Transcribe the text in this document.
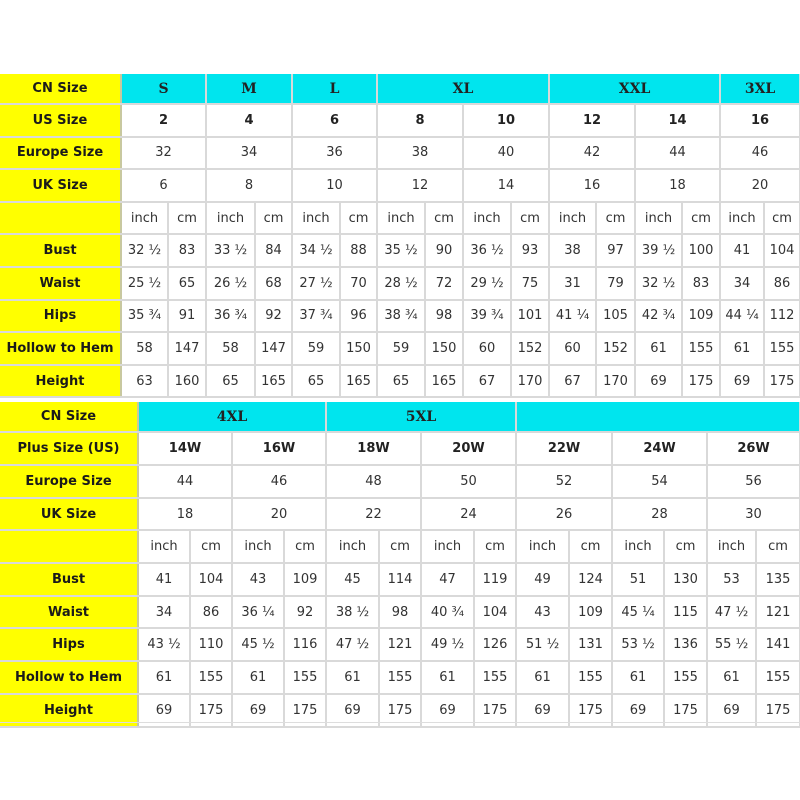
CN Size	S		M		L		XL				XXL				3XL	
US Size	2		4		6		8		10		12		14		16	
Europe Size	32		34		36		38		40		42		44		46	
UK Size	6		8		10		12		14		16		18		20	
	inch	cm	inch	cm	inch	cm	inch	cm	inch	cm	inch	cm	inch	cm	inch	cm
Bust	32 ½	83	33 ½	84	34 ½	88	35 ½	90	36 ½	93	38	97	39 ½	100	41	104
Waist	25 ½	65	26 ½	68	27 ½	70	28 ½	72	29 ½	75	31	79	32 ½	83	34	86
Hips	35 ¾	91	36 ¾	92	37 ¾	96	38 ¾	98	39 ¾	101	41 ¼	105	42 ¾	109	44 ¼	112
Hollow to Hem	58	147	58	147	59	150	59	150	60	152	60	152	61	155	61	155
Height	63	160	65	165	65	165	65	165	67	170	67	170	69	175	69	175
CN Size	4XL				5XL									
Plus Size (US)	14W		16W		18W		20W		22W		24W		26W	
Europe Size	44		46		48		50		52		54		56	
UK Size	18		20		22		24		26		28		30	
	inch	cm	inch	cm	inch	cm	inch	cm	inch	cm	inch	cm	inch	cm
Bust	41	104	43	109	45	114	47	119	49	124	51	130	53	135
Waist	34	86	36 ¼	92	38 ½	98	40 ¾	104	43	109	45 ¼	115	47 ½	121
Hips	43 ½	110	45 ½	116	47 ½	121	49 ½	126	51 ½	131	53 ½	136	55 ½	141
Hollow to Hem	61	155	61	155	61	155	61	155	61	155	61	155	61	155
Height	69	175	69	175	69	175	69	175	69	175	69	175	69	175
